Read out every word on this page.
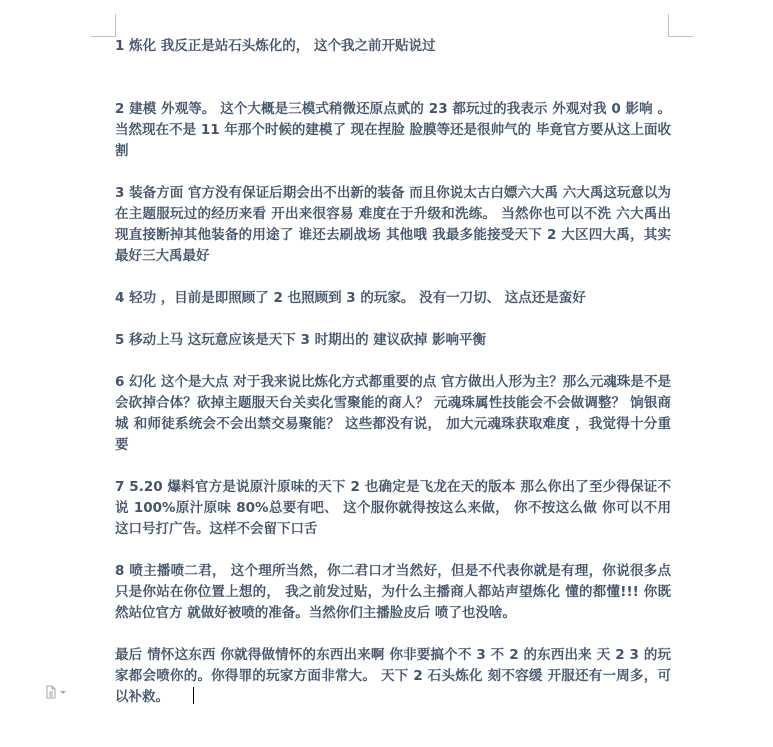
1 炼化 我反正是站石头炼化的， 这个我之前开贴说过

2 建模 外观等。 这个大概是三模式稍微还原点贰的 23 都玩过的我表示 外观对我 0 影响 。 当然现在不是 11 年那个时候的建模了 现在捏脸 脸膜等还是很帅气的 毕竟官方要从这上面收割

3 装备方面 官方没有保证后期会出不出新的装备 而且你说太古白嫖六大禹 六大禹这玩意以为在主题服玩过的经历来看 开出来很容易 难度在于升级和洗练。 当然你也可以不洗 六大禹出现直接断掉其他装备的用途了 谁还去刷战场 其他哦 我最多能接受天下 2 大区四大禹，其实最好三大禹最好

4 轻功 ，目前是即照顾了 2 也照顾到 3 的玩家。 没有一刀切、 这点还是蛮好

5 移动上马 这玩意应该是天下 3 时期出的 建议砍掉 影响平衡

6 幻化 这个是大点 对于我来说比炼化方式都重要的点 官方做出人形为主？那么元魂珠是不是会砍掉合体？砍掉主题服天台关卖化雪聚能的商人？ 元魂珠属性技能会不会做调整？ 饷银商城 和师徒系统会不会出禁交易聚能？ 这些都没有说， 加大元魂珠获取难度 ，我觉得十分重要

7 5.20 爆料官方是说原汁原味的天下 2 也确定是飞龙在天的版本 那么你出了至少得保证不说 100%原汁原味 80%总要有吧、 这个服你就得按这么来做， 你不按这么做 你可以不用这口号打广告。这样不会留下口舌

8 喷主播喷二君， 这个理所当然，你二君口才当然好，但是不代表你就是有理，你说很多点只是你站在你位置上想的， 我之前发过贴，为什么主播商人都站声望炼化 懂的都懂!!! 你既然站位官方 就做好被喷的准备。当然你们主播脸皮后 喷了也没啥。

最后 情怀这东西 你就得做情怀的东西出来啊 你非要搞个不 3 不 2 的东西出来 天 2 3 的玩家都会喷你的。你得罪的玩家方面非常大。 天下 2 石头炼化 刻不容缓 开服还有一周多，可以补救。
